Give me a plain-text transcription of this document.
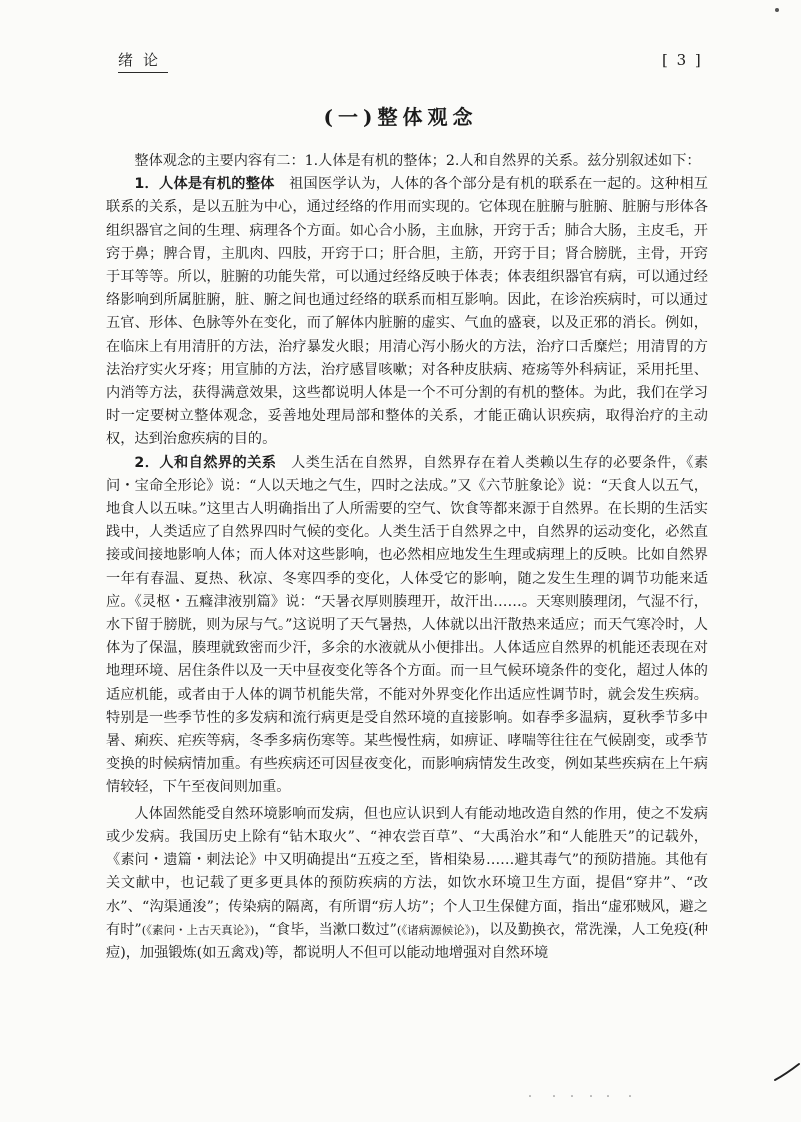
绪论	[ 3 ]
(一)整体观念

整体观念的主要内容有二：1.人体是有机的整体；2.人和自然界的关系。兹分别叙述如下：

1．人体是有机的整体　祖国医学认为，人体的各个部分是有机的联系在一起的。这种相互联系的关系，是以五脏为中心，通过经络的作用而实现的。它体现在脏腑与脏腑、脏腑与形体各组织器官之间的生理、病理各个方面。如心合小肠，主血脉，开窍于舌；肺合大肠，主皮毛，开窍于鼻；脾合胃，主肌肉、四肢，开窍于口；肝合胆，主筋，开窍于目；肾合膀胱，主骨，开窍于耳等等。所以，脏腑的功能失常，可以通过经络反映于体表；体表组织器官有病，可以通过经络影响到所属脏腑，脏、腑之间也通过经络的联系而相互影响。因此，在诊治疾病时，可以通过五官、形体、色脉等外在变化，而了解体内脏腑的虚实、气血的盛衰，以及正邪的消长。例如，在临床上有用清肝的方法，治疗暴发火眼；用清心泻小肠火的方法，治疗口舌糜烂；用清胃的方法治疗实火牙疼；用宣肺的方法，治疗感冒咳嗽；对各种皮肤病、疮疡等外科病证，采用托里、内消等方法，获得满意效果，这些都说明人体是一个不可分割的有机的整体。为此，我们在学习时一定要树立整体观念，妥善地处理局部和整体的关系，才能正确认识疾病，取得治疗的主动权，达到治愈疾病的目的。

2．人和自然界的关系　人类生活在自然界，自然界存在着人类赖以生存的必要条件，《素问・宝命全形论》说：“人以天地之气生，四时之法成。”又《六节脏象论》说：“天食人以五气，地食人以五味。”这里古人明确指出了人所需要的空气、饮食等都来源于自然界。在长期的生活实践中，人类适应了自然界四时气候的变化。人类生活于自然界之中，自然界的运动变化，必然直接或间接地影响人体；而人体对这些影响，也必然相应地发生生理或病理上的反映。比如自然界一年有春温、夏热、秋凉、冬寒四季的变化，人体受它的影响，随之发生生理的调节功能来适应。《灵枢・五癃津液别篇》说：“天暑衣厚则腠理开，故汗出……。天寒则腠理闭，气湿不行，水下留于膀胱，则为尿与气。”这说明了天气暑热，人体就以出汗散热来适应；而天气寒冷时，人体为了保温，腠理就致密而少汗，多余的水液就从小便排出。人体适应自然界的机能还表现在对地理环境、居住条件以及一天中昼夜变化等各个方面。而一旦气候环境条件的变化，超过人体的适应机能，或者由于人体的调节机能失常，不能对外界变化作出适应性调节时，就会发生疾病。特别是一些季节性的多发病和流行病更是受自然环境的直接影响。如春季多温病，夏秋季节多中暑、痢疾、疟疾等病，冬季多病伤寒等。某些慢性病，如痹证、哮喘等往往在气候剧变，或季节变换的时候病情加重。有些疾病还可因昼夜变化，而影响病情发生改变，例如某些疾病在上午病情较轻，下午至夜间则加重。

人体固然能受自然环境影响而发病，但也应认识到人有能动地改造自然的作用，使之不发病或少发病。我国历史上除有“钻木取火”、“神农尝百草”、“大禹治水”和“人能胜天”的记载外，《素问・遗篇・刺法论》中又明确提出“五疫之至，皆相染易……避其毒气”的预防措施。其他有关文献中，也记载了更多更具体的预防疾病的方法，如饮水环境卫生方面，提倡“穿井”、“改水”、“沟渠通浚”；传染病的隔离，有所谓“疠人坊”；个人卫生保健方面，指出“虚邪贼风，避之有时”(《素问・上古天真论》)，“食毕，当漱口数过”(《诸病源候论》)，以及勤换衣，常洗澡，人工免疫(种痘)，加强锻炼(如五禽戏)等，都说明人不但可以能动地增强对自然环境
